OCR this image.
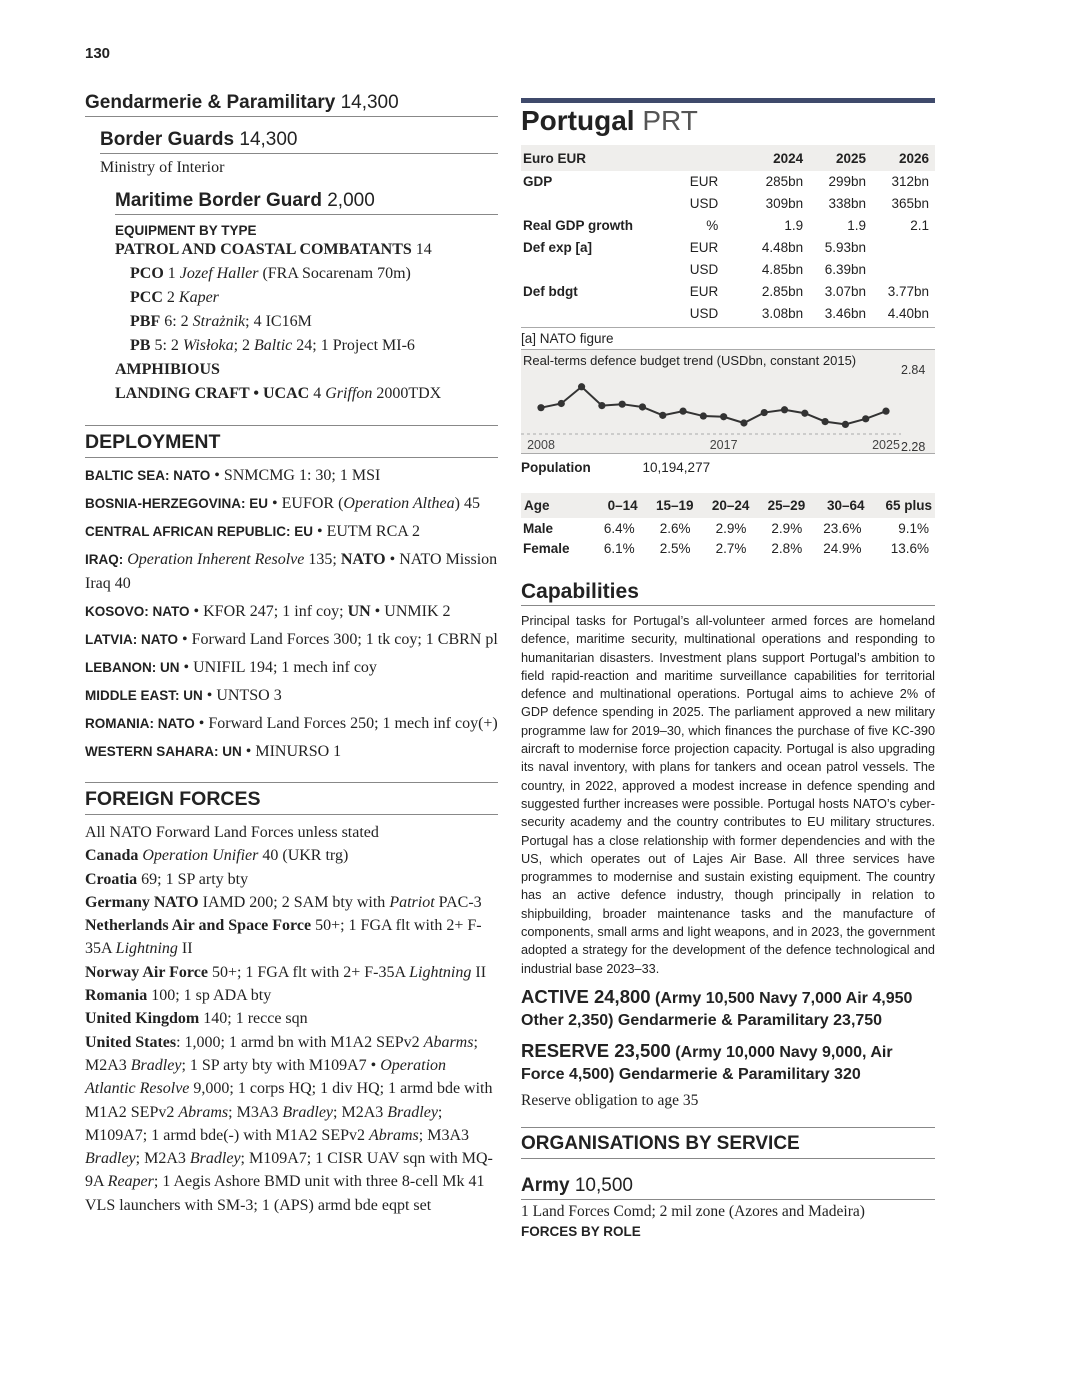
130
Gendarmerie & Paramilitary 14,300
Border Guards 14,300
Ministry of Interior
Maritime Border Guard 2,000
EQUIPMENT BY TYPE
PATROL AND COASTAL COMBATANTS 14
PCO 1 Jozef Haller (FRA Socarenam 70m)
PCC 2 Kaper
PBF 6: 2 Strażnik; 4 IC16M
PB 5: 2 Wisłoka; 2 Baltic 24; 1 Project MI-6
AMPHIBIOUS
LANDING CRAFT • UCAC 4 Griffon 2000TDX
DEPLOYMENT

BALTIC SEA: NATO • SNMCMG 1: 30; 1 MSI

BOSNIA-HERZEGOVINA: EU • EUFOR (Operation Althea) 45

CENTRAL AFRICAN REPUBLIC: EU • EUTM RCA 2

IRAQ: Operation Inherent Resolve 135; NATO • NATO Mission Iraq 40

KOSOVO: NATO • KFOR 247; 1 inf coy; UN • UNMIK 2

LATVIA: NATO • Forward Land Forces 300; 1 tk coy; 1 CBRN pl

LEBANON: UN • UNIFIL 194; 1 mech inf coy

MIDDLE EAST: UN • UNTSO 3

ROMANIA: NATO • Forward Land Forces 250; 1 mech inf coy(+)

WESTERN SAHARA: UN • MINURSO 1

FOREIGN FORCES
All NATO Forward Land Forces unless stated
Canada Operation Unifier 40 (UKR trg)
Croatia 69; 1 SP arty bty
Germany NATO IAMD 200; 2 SAM bty with Patriot PAC-3
Netherlands Air and Space Force 50+; 1 FGA flt with 2+ F-35A Lightning II
Norway Air Force 50+; 1 FGA flt with 2+ F-35A Lightning II
Romania 100; 1 sp ADA bty
United Kingdom 140; 1 recce sqn
United States: 1,000; 1 armd bn with M1A2 SEPv2 Abarms; M2A3 Bradley; 1 SP arty bty with M109A7 • Operation Atlantic Resolve 9,000; 1 corps HQ; 1 div HQ; 1 armd bde with M1A2 SEPv2 Abrams; M3A3 Bradley; M2A3 Bradley; M109A7; 1 armd bde(-) with M1A2 SEPv2 Abrams; M3A3 Bradley; M2A3 Bradley; M109A7; 1 CISR UAV sqn with MQ-9A Reaper; 1 Aegis Ashore BMD unit with three 8-cell Mk 41 VLS launchers with SM-3; 1 (APS) armd bde eqpt set
Portugal PRT
Euro EUR		2024	2025	2026
GDP	EUR	285bn	299bn	312bn
	USD	309bn	338bn	365bn
Real GDP growth	%	1.9	1.9	2.1
Def exp [a]	EUR	4.48bn	5.93bn	
	USD	4.85bn	6.39bn	
Def bdgt	EUR	2.85bn	3.07bn	3.77bn
	USD	3.08bn	3.46bn	4.40bn
[a] NATO figure
Real-terms defence budget trend (USDbn, constant 2015)
2.84
2.28
2008	2017	2025
Population	10,194,277
Age	0–14	15–19	20–24	25–29	30–64	65 plus
Male	6.4%	2.6%	2.9%	2.9%	23.6%	9.1%
Female	6.1%	2.5%	2.7%	2.8%	24.9%	13.6%
Capabilities

Principal tasks for Portugal’s all-volunteer armed forces are homeland defence, maritime security, multinational operations and responding to humanitarian disasters. Investment plans support Portugal’s ambition to field rapid-reaction and maritime surveillance capabilities for territorial defence and multinational operations. Portugal aims to achieve 2% of GDP defence spending in 2025. The parliament approved a new military programme law for 2019–30, which finances the purchase of five KC-390 aircraft to modernise force projection capacity. Portugal is also upgrading its naval inventory, with plans for tankers and ocean patrol vessels. The country, in 2022, approved a modest increase in defence spending and suggested further increases were possible. Portugal hosts NATO’s cyber-security academy and the country contributes to EU military structures. Portugal has a close relationship with former dependencies and with the US, which operates out of Lajes Air Base. All three services have programmes to modernise and sustain existing equipment. The country has an active defence industry, though principally in relation to shipbuilding, broader maintenance tasks and the manufacture of components, small arms and light weapons, and in 2023, the government adopted a strategy for the development of the defence technological and industrial base 2023–33.

ACTIVE 24,800 (Army 10,500 Navy 7,000 Air 4,950 Other 2,350) Gendarmerie & Paramilitary 23,750

RESERVE 23,500 (Army 10,000 Navy 9,000, Air Force 4,500) Gendarmerie & Paramilitary 320

Reserve obligation to age 35
ORGANISATIONS BY SERVICE
Army 10,500
1 Land Forces Comd; 2 mil zone (Azores and Madeira)
FORCES BY ROLE
